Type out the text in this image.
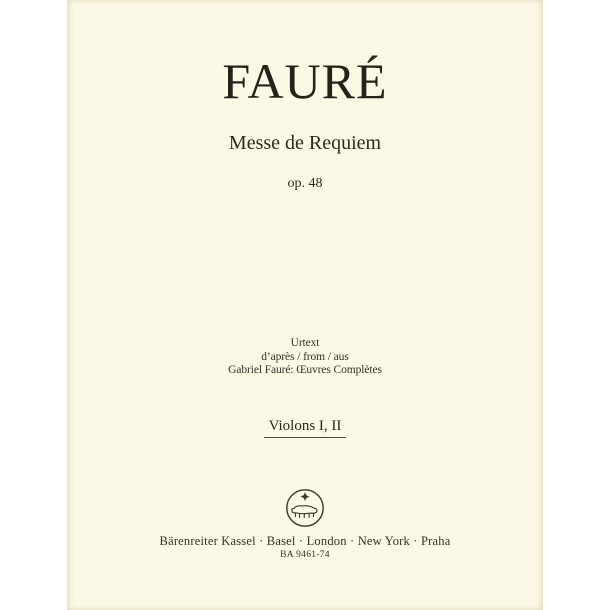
FAURÉ
Messe de Requiem
op. 48
Urtext
d’après / from / aus
Gabriel Fauré: Œuvres Complètes
Violons I, II
Bärenreiter Kassel · Basel · London · New York · Praha
BA 9461-74
